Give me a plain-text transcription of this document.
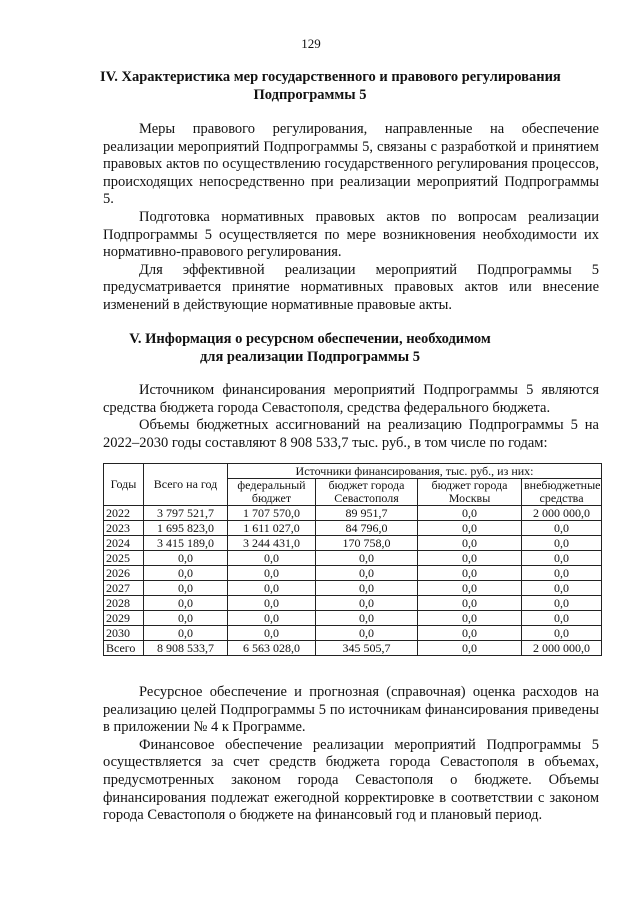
129
IV. Характеристика мер государственного и правового регулирования
Подпрограммы 5

Меры правового регулирования, направленные на обеспечение реализации мероприятий Подпрограммы 5, связаны с разработкой и принятием правовых актов по осуществлению государственного регулирования процессов, происходящих непосредственно при реализации мероприятий Подпрограммы 5.

Подготовка нормативных правовых актов по вопросам реализации Подпрограммы 5 осуществляется по мере возникновения необходимости их нормативно-правового регулирования.

Для эффективной реализации мероприятий Подпрограммы 5 предусматривается принятие нормативных правовых актов или внесение изменений в действующие нормативные правовые акты.

V. Информация о ресурсном обеспечении, необходимом
для реализации Подпрограммы 5

Источником финансирования мероприятий Подпрограммы 5 являются средства бюджета города Севастополя, средства федерального бюджета.

Объемы бюджетных ассигнований на реализацию Подпрограммы 5 на 2022–2030 годы составляют 8 908 533,7 тыс. руб., в том числе по годам:

Годы	Всего на год	Источники финансирования, тыс. руб., из них:			
		федеральный бюджет	бюджет города Севастополя	бюджет города Москвы	внебюджетные средства
2022	3 797 521,7	1 707 570,0	89 951,7	0,0	2 000 000,0
2023	1 695 823,0	1 611 027,0	84 796,0	0,0	0,0
2024	3 415 189,0	3 244 431,0	170 758,0	0,0	0,0
2025	0,0	0,0	0,0	0,0	0,0
2026	0,0	0,0	0,0	0,0	0,0
2027	0,0	0,0	0,0	0,0	0,0
2028	0,0	0,0	0,0	0,0	0,0
2029	0,0	0,0	0,0	0,0	0,0
2030	0,0	0,0	0,0	0,0	0,0
Всего	8 908 533,7	6 563 028,0	345 505,7	0,0	2 000 000,0

Ресурсное обеспечение и прогнозная (справочная) оценка расходов на реализацию целей Подпрограммы 5 по источникам финансирования приведены в приложении № 4 к Программе.

Финансовое обеспечение реализации мероприятий Подпрограммы 5 осуществляется за счет средств бюджета города Севастополя в объемах, предусмотренных законом города Севастополя о бюджете. Объемы финансирования подлежат ежегодной корректировке в соответствии с законом города Севастополя о бюджете на финансовый год и плановый период.
